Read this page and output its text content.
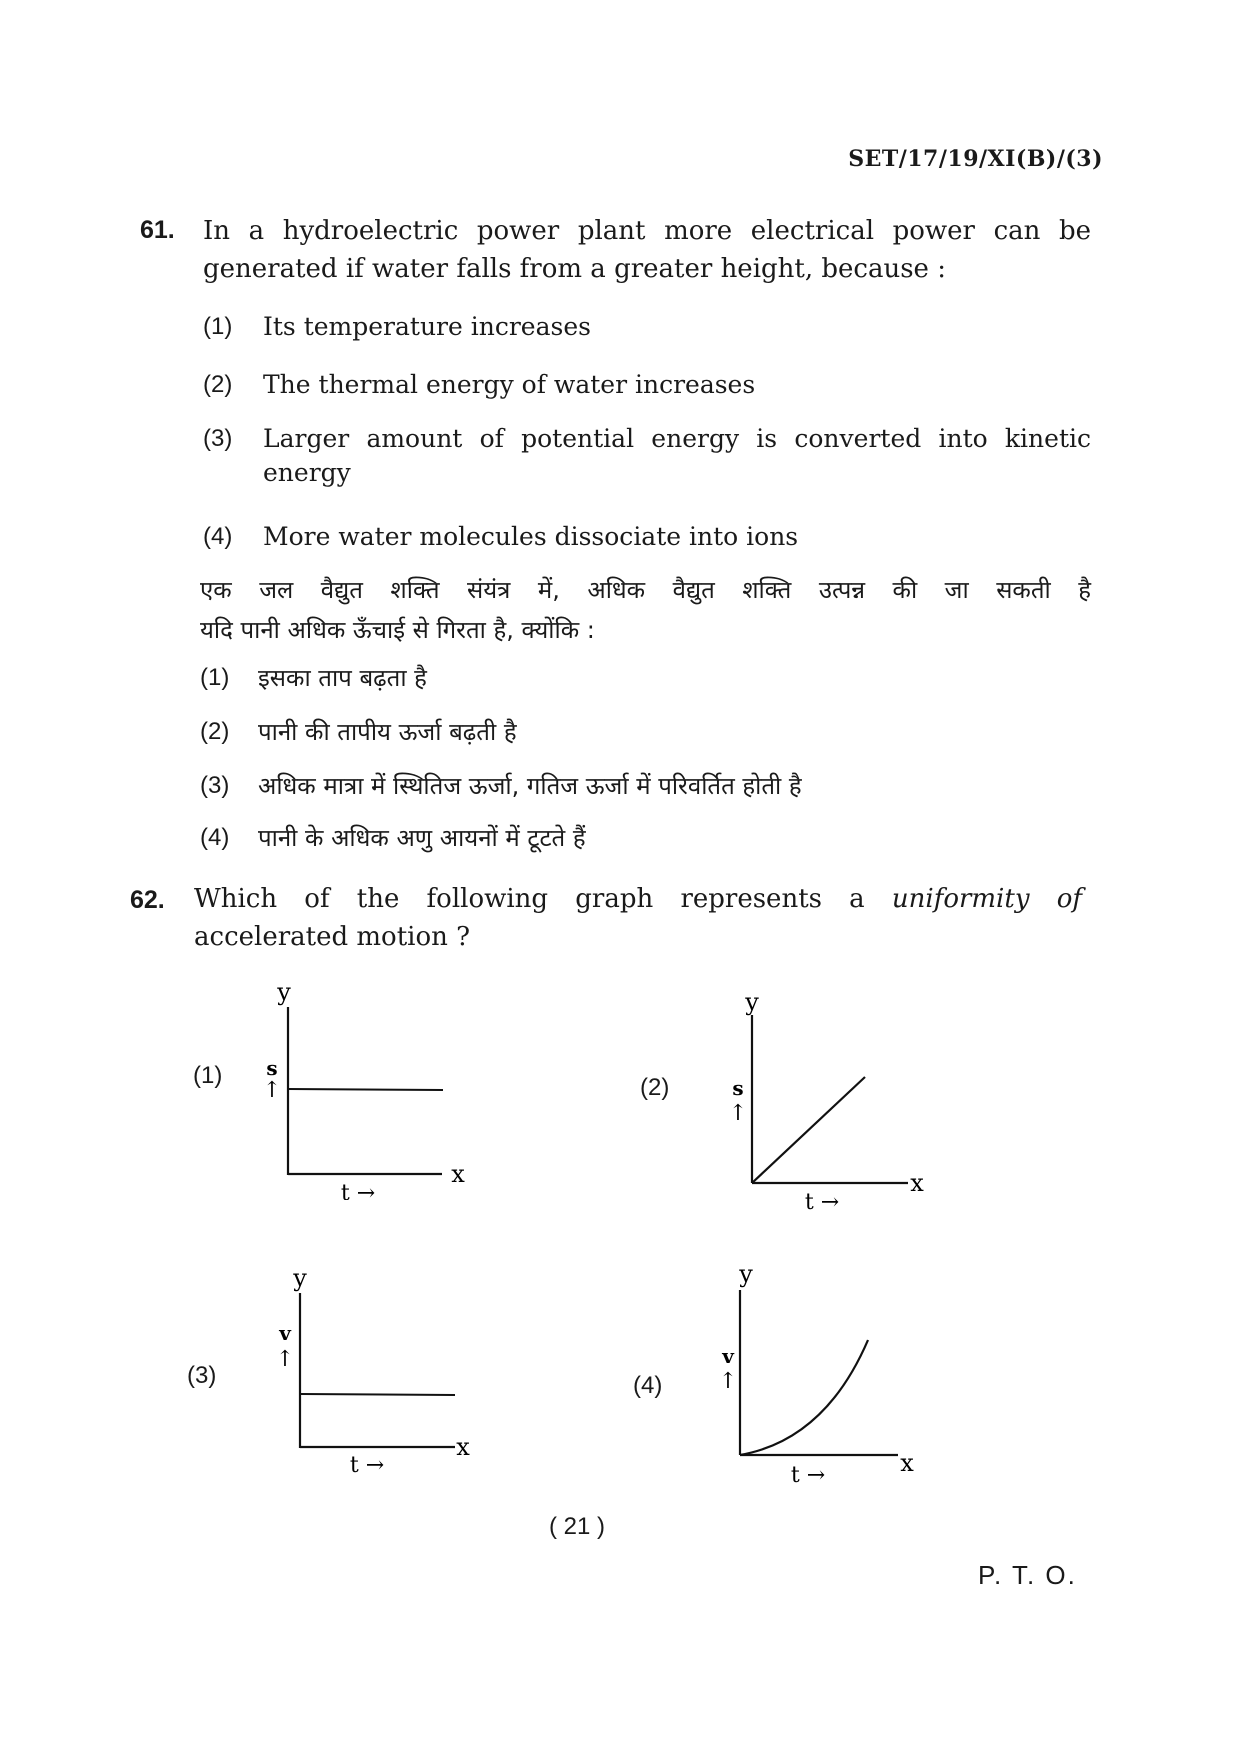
SET/17/19/XI(B)/(3)
61. In a hydroelectric power plant more electrical power can be
generated if water falls from a greater height, because :
(1) Its temperature increases
(2) The thermal energy of water increases
(3) Larger amount of potential energy is converted into kinetic
energy
(4) More water molecules dissociate into ions
एक जल वैद्युत शक्ति संयंत्र में, अधिक वैद्युत शक्ति उत्पन्न की जा सकती है
यदि पानी अधिक ऊँचाई से गिरता है, क्योंकि :
(1) इसका ताप बढ़ता है
(2) पानी की तापीय ऊर्जा बढ़ती है
(3) अधिक मात्रा में स्थितिज ऊर्जा, गतिज ऊर्जा में परिवर्तित होती है
(4) पानी के अधिक अणु आयनों में टूटते हैं
62. Which of the following graph represents a uniformity of
accelerated motion ?
(1)	(2)
(3)	(4)
y
x
s
↑
t →
y
x
s
↑
t →
y
x
v
↑
t →
y
x
v
↑
t →
( 21 )
P. T. O.
